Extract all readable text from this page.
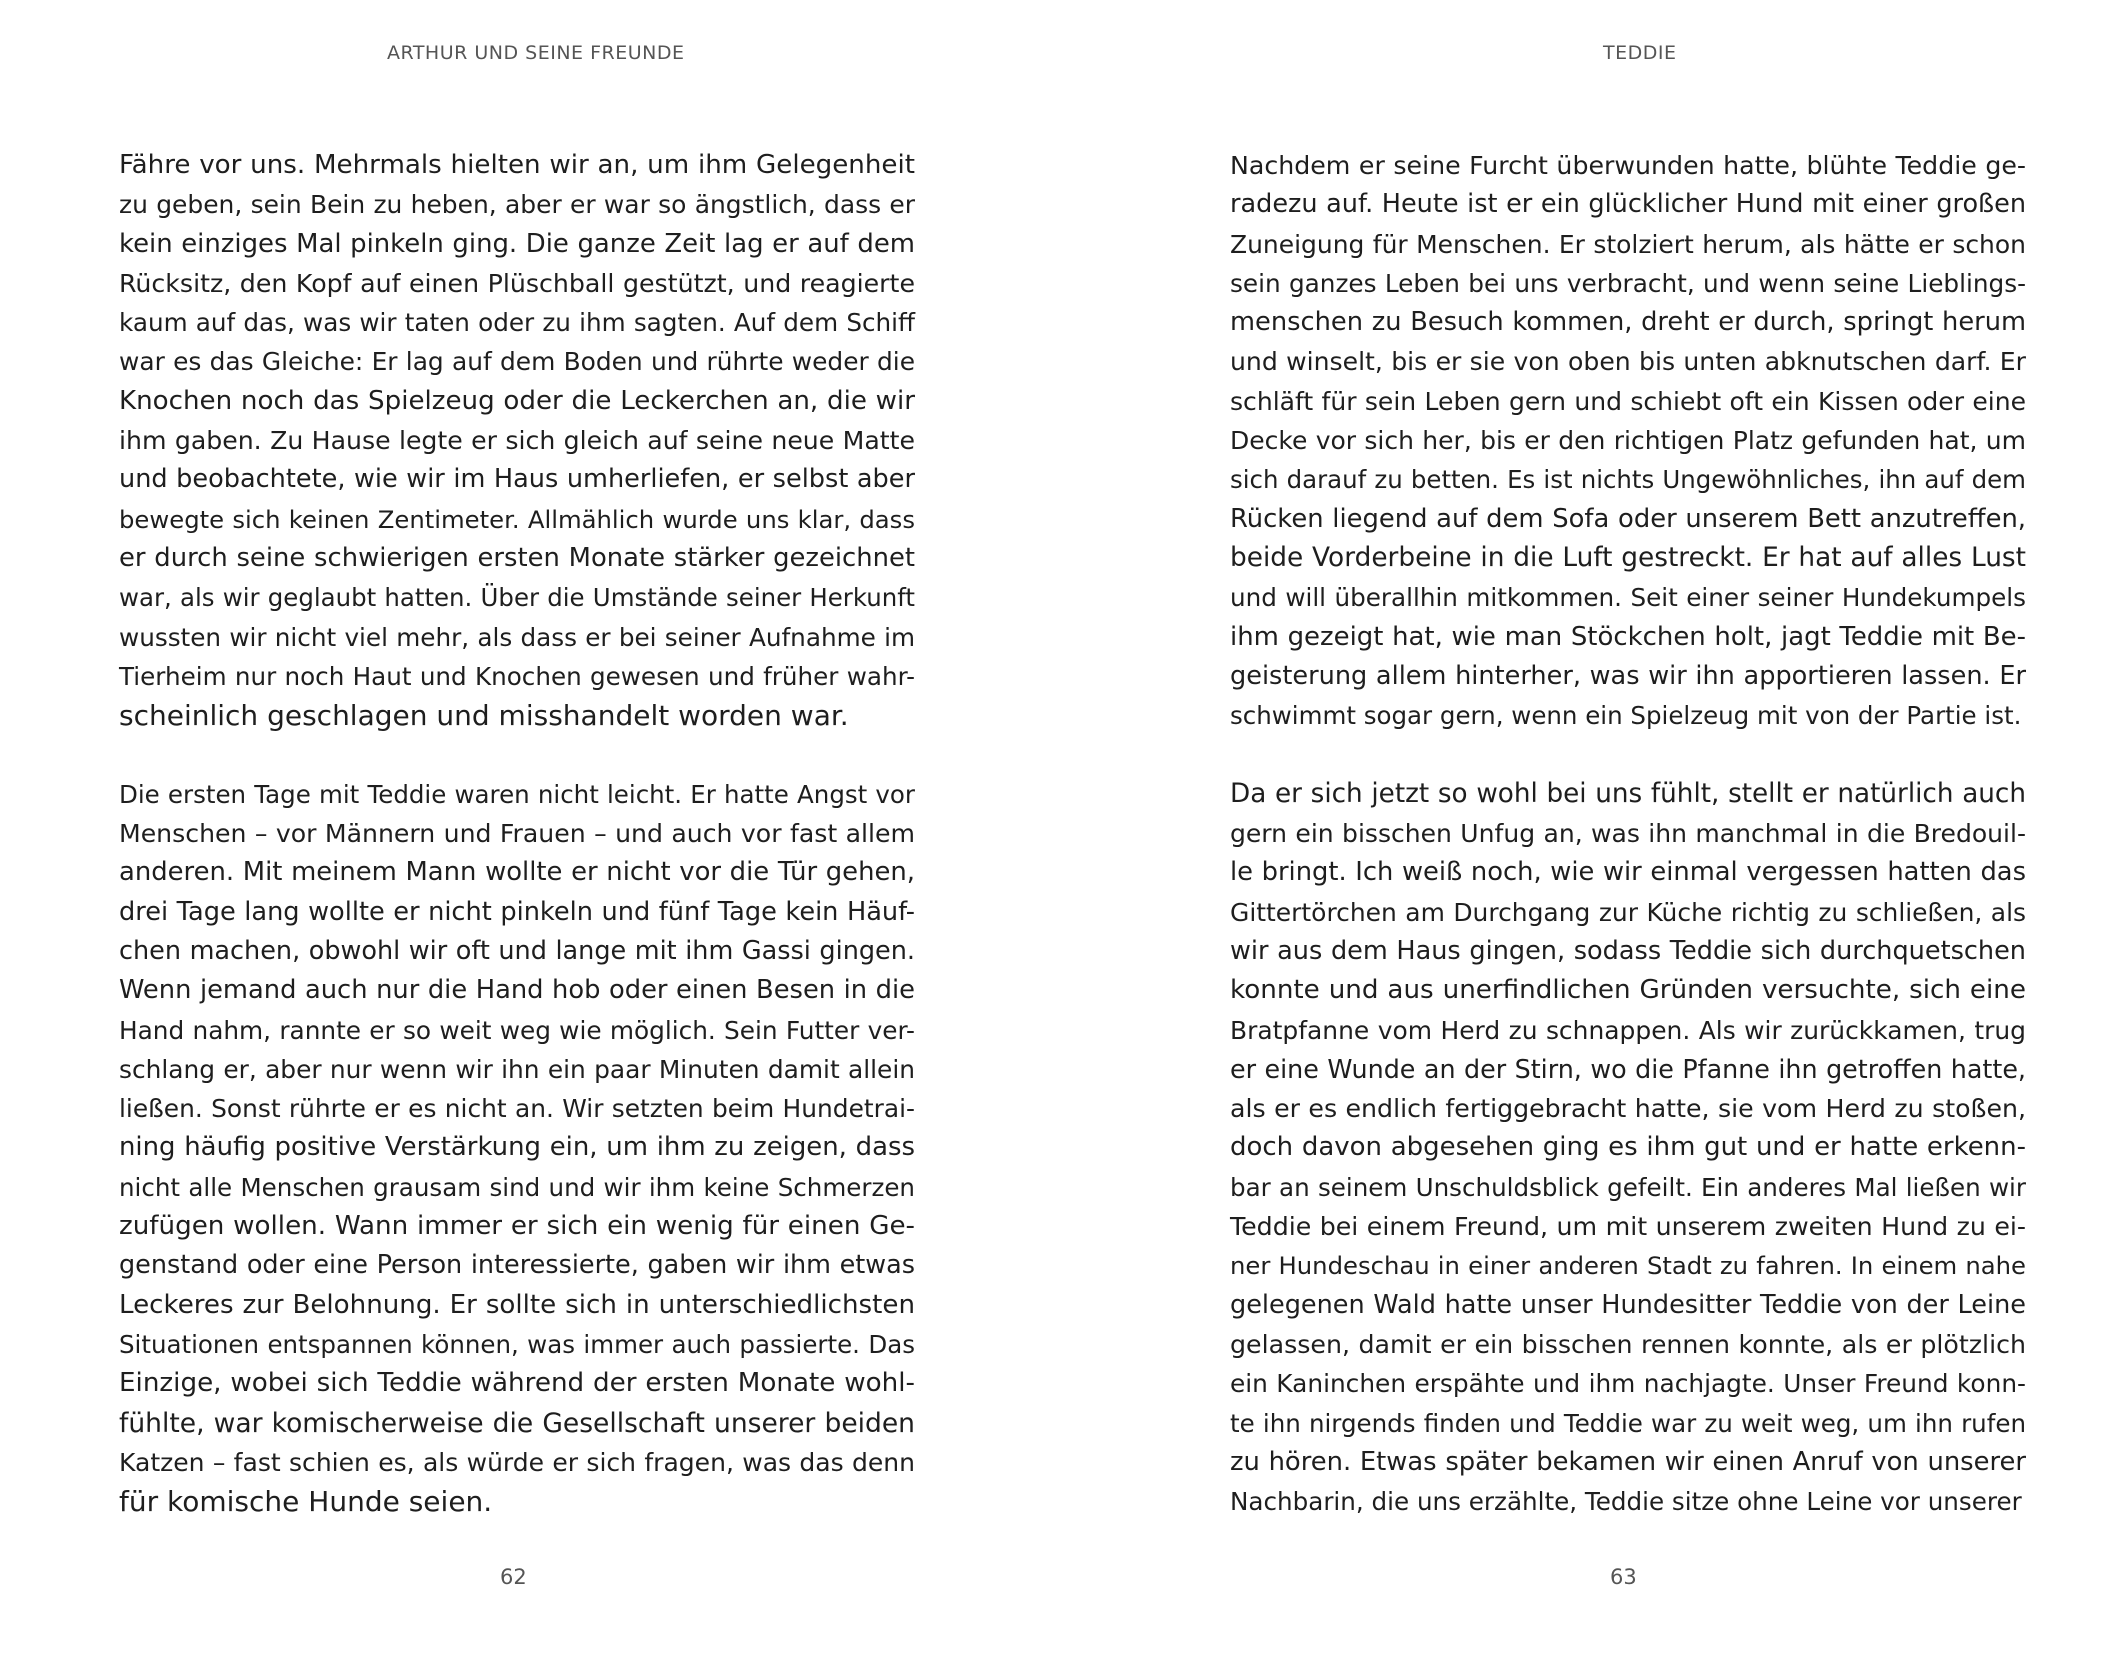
ARTHUR UND SEINE FREUNDE
Fähre vor uns. Mehrmals hielten wir an, um ihm Gelegenheit
zu geben, sein Bein zu heben, aber er war so ängstlich, dass er
kein einziges Mal pinkeln ging. Die ganze Zeit lag er auf dem
Rücksitz, den Kopf auf einen Plüschball gestützt, und reagierte
kaum auf das, was wir taten oder zu ihm sagten. Auf dem Schiff
war es das Gleiche: Er lag auf dem Boden und rührte weder die
Knochen noch das Spielzeug oder die Leckerchen an, die wir
ihm gaben. Zu Hause legte er sich gleich auf seine neue Matte
und beobachtete, wie wir im Haus umherliefen, er selbst aber
bewegte sich keinen Zentimeter. Allmählich wurde uns klar, dass
er durch seine schwierigen ersten Monate stärker gezeichnet
war, als wir geglaubt hatten. Über die Umstände seiner Herkunft
wussten wir nicht viel mehr, als dass er bei seiner Aufnahme im
Tierheim nur noch Haut und Knochen gewesen und früher wahr-
scheinlich geschlagen und misshandelt worden war.
Die ersten Tage mit Teddie waren nicht leicht. Er hatte Angst vor
Menschen – vor Männern und Frauen – und auch vor fast allem
anderen. Mit meinem Mann wollte er nicht vor die Tür gehen,
drei Tage lang wollte er nicht pinkeln und fünf Tage kein Häuf-
chen machen, obwohl wir oft und lange mit ihm Gassi gingen.
Wenn jemand auch nur die Hand hob oder einen Besen in die
Hand nahm, rannte er so weit weg wie möglich. Sein Futter ver-
schlang er, aber nur wenn wir ihn ein paar Minuten damit allein
ließen. Sonst rührte er es nicht an. Wir setzten beim Hundetrai-
ning häufig positive Verstärkung ein, um ihm zu zeigen, dass
nicht alle Menschen grausam sind und wir ihm keine Schmerzen
zufügen wollen. Wann immer er sich ein wenig für einen Ge-
genstand oder eine Person interessierte, gaben wir ihm etwas
Leckeres zur Belohnung. Er sollte sich in unterschiedlichsten
Situationen entspannen können, was immer auch passierte. Das
Einzige, wobei sich Teddie während der ersten Monate wohl-
fühlte, war komischerweise die Gesellschaft unserer beiden
Katzen – fast schien es, als würde er sich fragen, was das denn
für komische Hunde seien.
62
TEDDIE
Nachdem er seine Furcht überwunden hatte, blühte Teddie ge-
radezu auf. Heute ist er ein glücklicher Hund mit einer großen
Zuneigung für Menschen. Er stolziert herum, als hätte er schon
sein ganzes Leben bei uns verbracht, und wenn seine Lieblings-
menschen zu Besuch kommen, dreht er durch, springt herum
und winselt, bis er sie von oben bis unten abknutschen darf. Er
schläft für sein Leben gern und schiebt oft ein Kissen oder eine
Decke vor sich her, bis er den richtigen Platz gefunden hat, um
sich darauf zu betten. Es ist nichts Ungewöhnliches, ihn auf dem
Rücken liegend auf dem Sofa oder unserem Bett anzutreffen,
beide Vorderbeine in die Luft gestreckt. Er hat auf alles Lust
und will überallhin mitkommen. Seit einer seiner Hundekumpels
ihm gezeigt hat, wie man Stöckchen holt, jagt Teddie mit Be-
geisterung allem hinterher, was wir ihn apportieren lassen. Er
schwimmt sogar gern, wenn ein Spielzeug mit von der Partie ist.
Da er sich jetzt so wohl bei uns fühlt, stellt er natürlich auch
gern ein bisschen Unfug an, was ihn manchmal in die Bredouil-
le bringt. Ich weiß noch, wie wir einmal vergessen hatten das
Gittertörchen am Durchgang zur Küche richtig zu schließen, als
wir aus dem Haus gingen, sodass Teddie sich durchquetschen
konnte und aus unerfindlichen Gründen versuchte, sich eine
Bratpfanne vom Herd zu schnappen. Als wir zurückkamen, trug
er eine Wunde an der Stirn, wo die Pfanne ihn getroffen hatte,
als er es endlich fertiggebracht hatte, sie vom Herd zu stoßen,
doch davon abgesehen ging es ihm gut und er hatte erkenn-
bar an seinem Unschuldsblick gefeilt. Ein anderes Mal ließen wir
Teddie bei einem Freund, um mit unserem zweiten Hund zu ei-
ner Hundeschau in einer anderen Stadt zu fahren. In einem nahe
gelegenen Wald hatte unser Hundesitter Teddie von der Leine
gelassen, damit er ein bisschen rennen konnte, als er plötzlich
ein Kaninchen erspähte und ihm nachjagte. Unser Freund konn-
te ihn nirgends finden und Teddie war zu weit weg, um ihn rufen
zu hören. Etwas später bekamen wir einen Anruf von unserer
Nachbarin, die uns erzählte, Teddie sitze ohne Leine vor unserer
63
